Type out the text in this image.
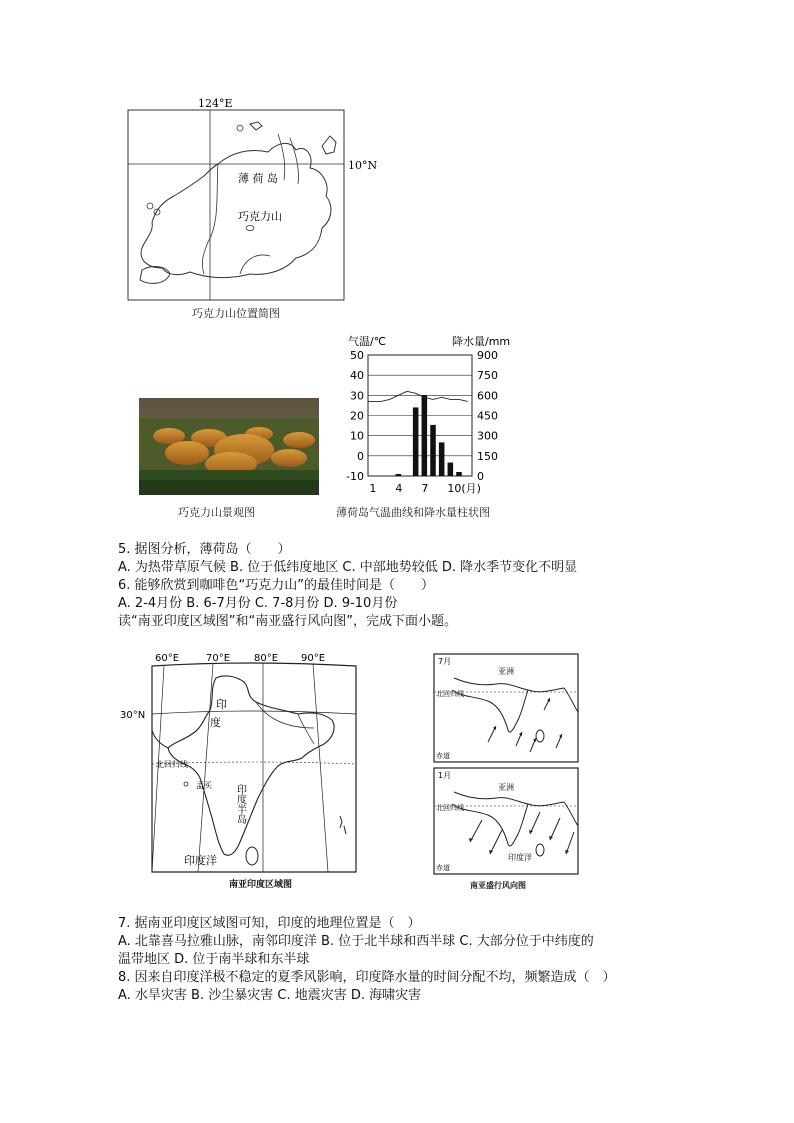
124°E
10°N
薄 荷 岛
巧克力山
巧克力山位置简图
巧克力山景观图
气温/℃	降水量/mm
50
40
30
20
10
0
-10
900
750
600
450
300
150
0
1 4 7 10(月)
薄荷岛气温曲线和降水量柱状图
5. 据图分析，薄荷岛（　　）
A. 为热带草原气候 B. 位于低纬度地区 C. 中部地势较低 D. 降水季节变化不明显
6. 能够欣赏到咖啡色“巧克力山”的最佳时间是（　　）
A. 2-4月份 B. 6-7月份 C. 7-8月份 D. 9-10月份
读“南亚印度区域图”和“南亚盛行风向图”，完成下面小题。
60°E	70°E 80°E 90°E
30°N
北回归线
印
度
孟买 印度半岛
印度洋
南亚印度区域图
7月
亚洲
北回归线
赤道
1月
亚洲
北回归线
赤道
印度洋
南亚盛行风向图
7. 据南亚印度区域图可知，印度的地理位置是（　）
A. 北靠喜马拉雅山脉，南邻印度洋 B. 位于北半球和西半球 C. 大部分位于中纬度的
温带地区 D. 位于南半球和东半球
8. 因来自印度洋极不稳定的夏季风影响，印度降水量的时间分配不均，频繁造成（　）
A. 水旱灾害 B. 沙尘暴灾害 C. 地震灾害 D. 海啸灾害
